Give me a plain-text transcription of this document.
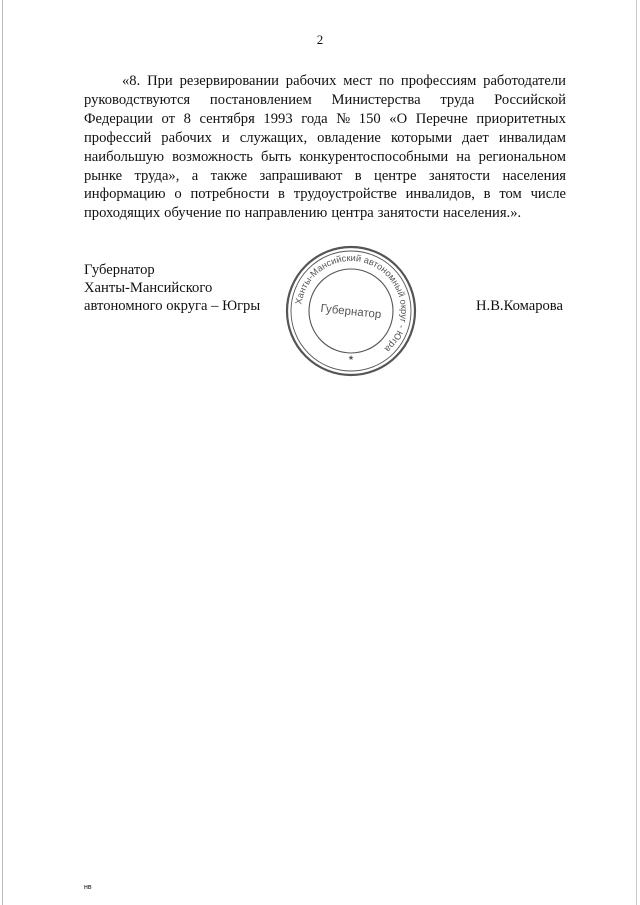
2
«8. При резервировании рабочих мест по профессиям работодатели
руководствуются постановлением Министерства труда Российской
Федерации от 8 сентября 1993 года № 150 «О Перечне приоритетных
профессий рабочих и служащих, овладение которыми дает инвалидам
наибольшую возможность быть конкурентоспособными на региональном
рынке труда», а также запрашивают в центре занятости населения
информацию о потребности в трудоустройстве инвалидов, в том числе
проходящих обучение по направлению центра занятости населения.».
Губернатор
Ханты-Мансийского
автономного округа – Югры	Ханты-Мансийский автономный округ - Югра
Губернатор
★
Н.В.Комарова
нв
